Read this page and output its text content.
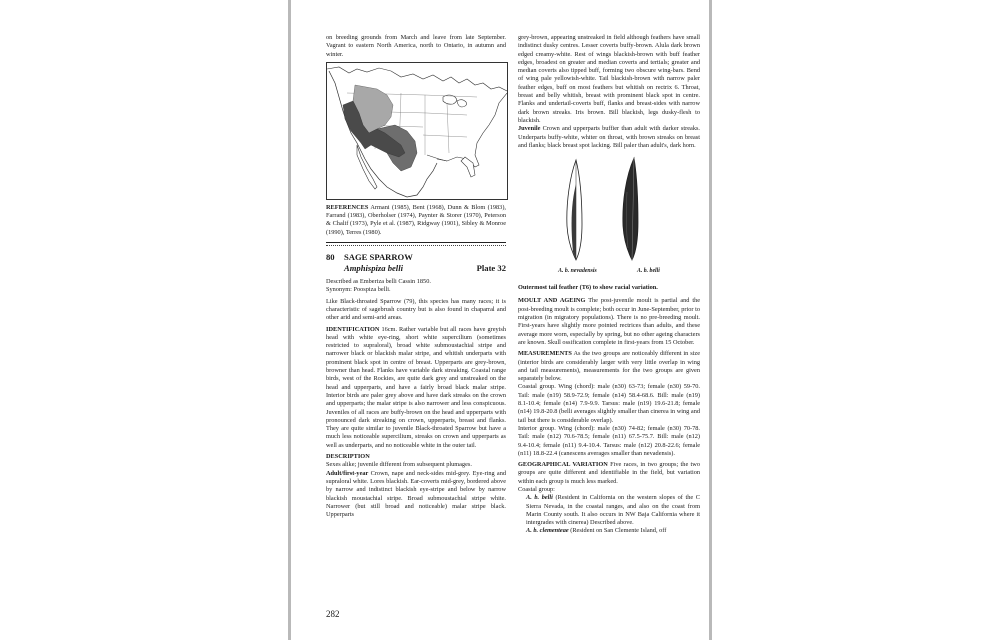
on breeding grounds from March and leave from late September. Vagrant to eastern North America, north to Ontario, in autumn and winter.

REFERENCES Armani (1985), Bent (1968), Dunn & Blom (1983), Farrand (1983), Oberholser (1974), Paynter & Storer (1970), Peterson & Chalif (1973), Pyle et al. (1987), Ridgway (1901), Sibley & Monroe (1990), Terres (1980).

80 SAGE SPARROW
Amphispiza belli	Plate 32

Described as Emberiza belli Cassin 1850.

Synonym: Poospiza belli.

Like Black-throated Sparrow (79), this species has many races; it is characteristic of sagebrush country but is also found in chaparral and other arid and semi-arid areas.

IDENTIFICATION 16cm. Rather variable but all races have greyish head with white eye-ring, short white supercilium (sometimes restricted to supraloral), broad white submoustachial stripe and narrower black or blackish malar stripe, and whitish underparts with prominent black spot in centre of breast. Upperparts are grey-brown, browner than head. Flanks have variable dark streaking. Coastal range birds, west of the Rockies, are quite dark grey and unstreaked on the head and upperparts, and have a fairly broad black malar stripe. Interior birds are paler grey above and have dark streaks on the crown and upperparts; the malar stripe is also narrower and less conspicuous. Juveniles of all races are buffy-brown on the head and upperparts with pronounced dark streaking on crown, upperparts, breast and flanks. They are quite similar to juvenile Black-throated Sparrow but have a much less noticeable supercilium, streaks on crown and upperparts as well as underparts, and no noticeable white in the outer tail.

DESCRIPTION

Sexes alike; juvenile different from subsequent plumages.

Adult/first-year Crown, nape and neck-sides mid-grey. Eye-ring and supraloral white. Lores blackish. Ear-coverts mid-grey, bordered above by narrow and indistinct blackish eye-stripe and below by narrow blackish moustachial stripe. Broad submoustachial stripe white. Narrower (but still broad and noticeable) malar stripe black. Upperparts

grey-brown, appearing unstreaked in field although feathers have small indistinct dusky centres. Lesser coverts buffy-brown. Alula dark brown edged creamy-white. Rest of wings blackish-brown with buff feather edges, broadest on greater and median coverts and tertials; greater and median coverts also tipped buff, forming two obscure wing-bars. Bend of wing pale yellowish-white. Tail blackish-brown with narrow paler feather edges, buff on most feathers but whitish on rectrix 6. Throat, breast and belly whitish, breast with prominent black spot in centre. Flanks and undertail-coverts buff, flanks and breast-sides with narrow dark brown streaks. Iris brown. Bill blackish, legs dusky-flesh to blackish.

Juvenile Crown and upperparts buffier than adult with darker streaks. Underparts buffy-white, whiter on throat, with brown streaks on breast and flanks; black breast spot lacking. Bill paler than adult's, dark horn.

A. b. nevadensis	A. b. belli

Outermost tail feather (T6) to show racial variation.

MOULT AND AGEING The post-juvenile moult is partial and the post-breeding moult is complete; both occur in June-September, prior to migration (in migratory populations). There is no pre-breeding moult. First-years have slightly more pointed rectrices than adults, and these average more worn, especially by spring, but no other ageing characters are known. Skull ossification complete in first-years from 15 October.

MEASUREMENTS As the two groups are noticeably different in size (interior birds are considerably larger with very little overlap in wing and tail measurements), measurements for the two groups are given separately below.

Coastal group. Wing (chord): male (n30) 63-73; female (n30) 59-70. Tail: male (n19) 58.9-72.9; female (n14) 58.4-68.6. Bill: male (n19) 8.1-10.4; female (n14) 7.9-9.9. Tarsus: male (n19) 19.6-21.8; female (n14) 19.8-20.8 (belli averages slightly smaller than cinerea in wing and tail but there is considerable overlap).

Interior group. Wing (chord): male (n30) 74-82; female (n30) 70-78. Tail: male (n12) 70.6-78.5; female (n11) 67.5-75.7. Bill: male (n12) 9.4-10.4; female (n11) 9.4-10.4. Tarsus: male (n12) 20.8-22.6; female (n11) 18.8-22.4 (canescens averages smaller than nevadensis).

GEOGRAPHICAL VARIATION Five races, in two groups; the two groups are quite different and identifiable in the field, but variation within each group is much less marked.

Coastal group:

A. b. belli (Resident in California on the western slopes of the C Sierra Nevada, in the coastal ranges, and also on the coast from Marin County south. It also occurs in NW Baja California where it intergrades with cinerea) Described above.

A. b. clementeae (Resident on San Clemente Island, off

282
